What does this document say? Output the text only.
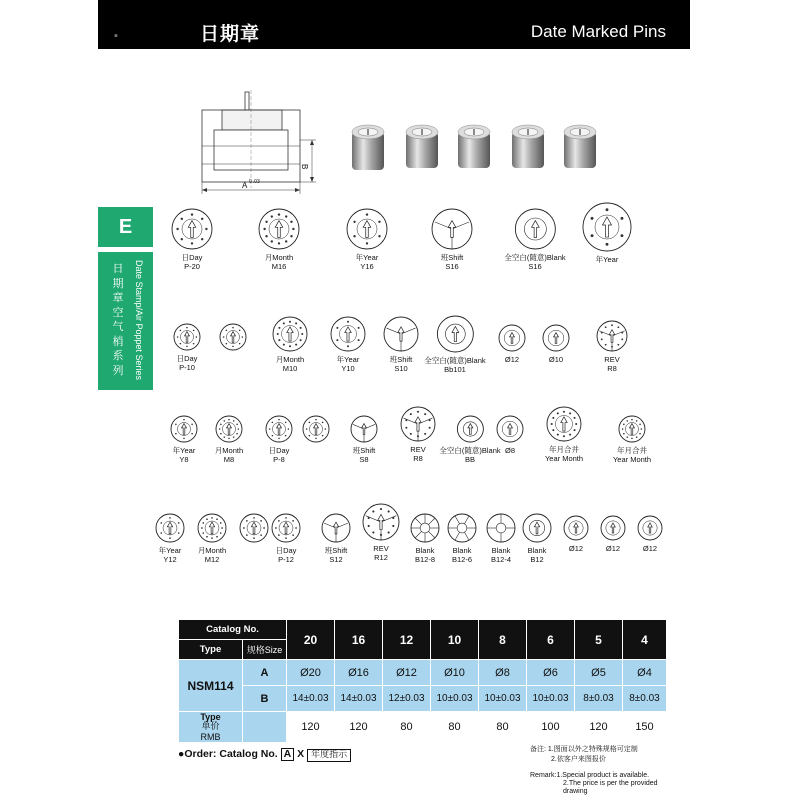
▪	日期章	Date Marked Pins
A 0 .03
B
E
日
期
章
空
气
梢
系
列	Date Stamp/Air Poppet Series
日Day
P-20
月Month
M16
年Year
Y16
班Shift
S16
全空白(随意)Blank
S16
年Year
日Day
P-10
月Month
M10
年Year
Y10
班Shift
S10
全空白(随意)Blank
Bb101
Ø12	Ø10	REV
R8
年Year
Y8
月Month
M8
日Day
P-8
班Shift
S8
REV
R8
全空白(随意)Blank
BB
Ø8	年月合并
Year Month
年月合并
Year Month
年Year
Y12
月Month
M12
日Day
P-12
班Shift
S12
REV
R12
Blank
B12-8
Blank
B12-6
Blank
B12-4
Blank
B12
Ø12	Ø12	Ø12
Catalog No.		20	16	12	10	8	6	5	4
Type	规格Size								
NSM114	A	Ø20	Ø16	Ø12	Ø10	Ø8	Ø6	Ø5	Ø4
	B	14±0.03	14±0.03	12±0.03	10±0.03	10±0.03	10±0.03	8±0.03	8±0.03

Type
单价
RMB		120	120	80	80	80	100	120	150
●Order: Catalog No. A X 年度指示
备注: 1.图面以外之特殊规格可定制
2.依客户来图报价
Remark:1.Special product is available.
2.The price is per the provided
drawing
